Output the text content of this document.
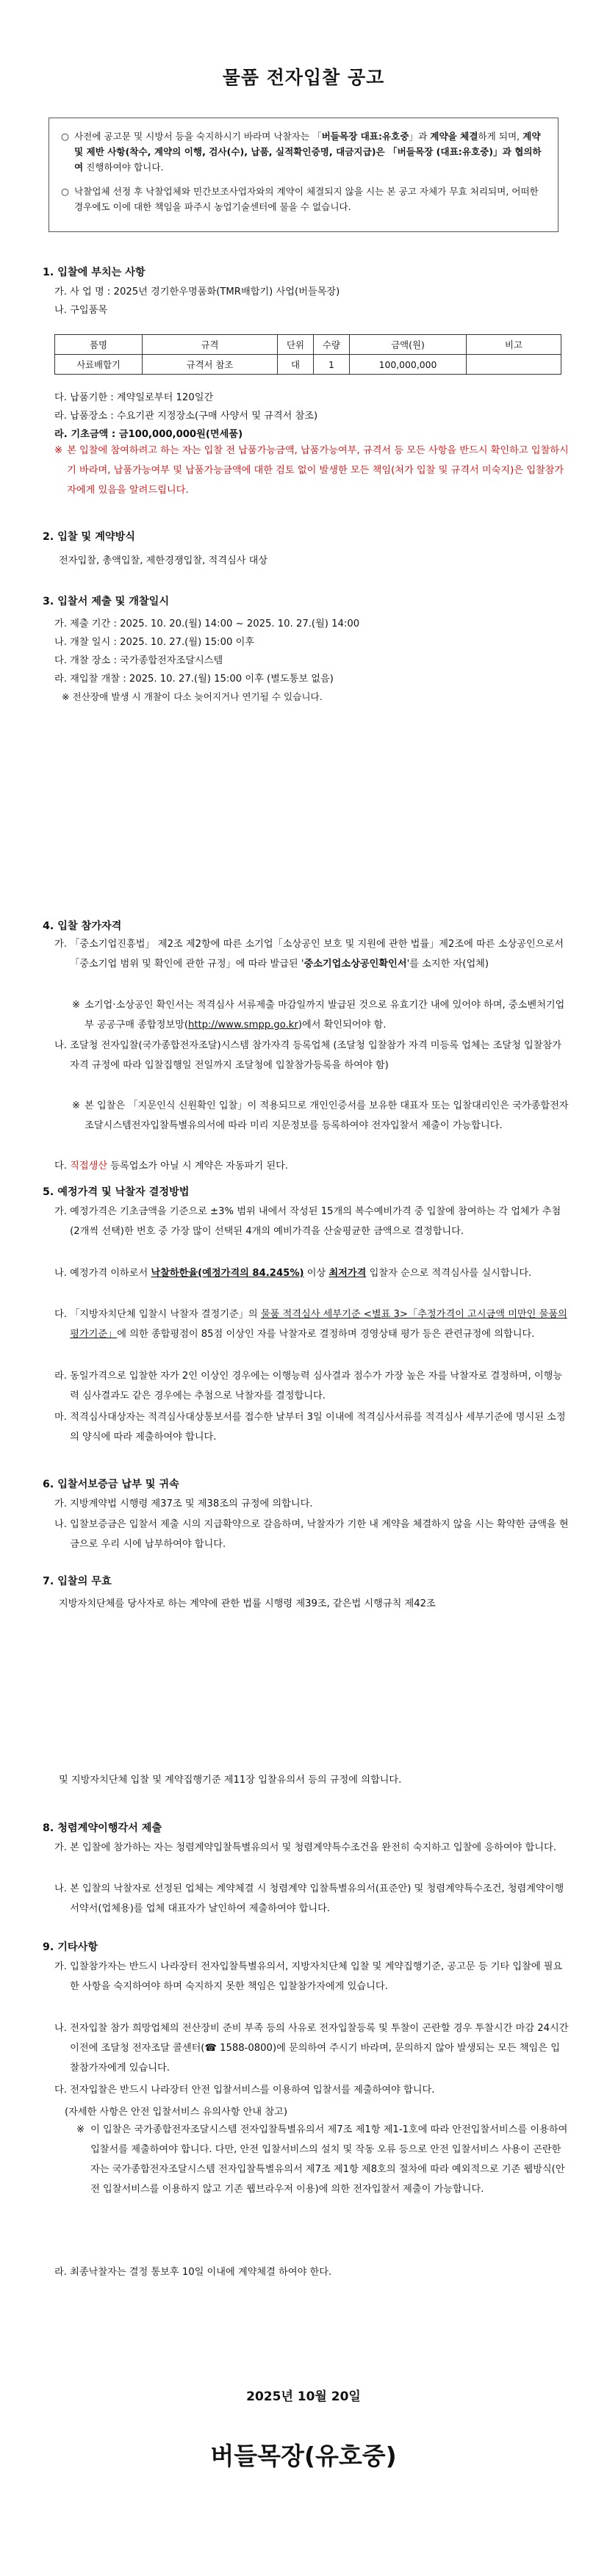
물품 전자입찰 공고
○ 사전에 공고문 및 시방서 등을 숙지하시기 바라며 낙찰자는 「버들목장 대표:유호중」과 계약을 체결하게 되며, 계약 및 제반 사항(착수, 계약의 이행, 검사(수), 납품, 실적확인증명, 대금지급)은 「버들목장 (대표:유호중)」과 협의하여 진행하여야 합니다.
○ 낙찰업체 선정 후 낙찰업체와 민간보조사업자와의 계약이 체결되지 않을 시는 본 공고 자체가 무효 처리되며, 어떠한 경우에도 이에 대한 책임을 파주시 농업기술센터에 물을 수 없습니다.
1. 입찰에 부치는 사항
가. 사 업 명 : 2025년 경기한우명품화(TMR배합기) 사업(버들목장)
나. 구입품목
품명	규격	단위	수량	금액(원)	비고
사료배합기	규격서 참조	대	1	100,000,000	
다. 납품기한 : 계약일로부터 120일간
라. 납품장소 : 수요기관 지정장소(구매 사양서 및 규격서 참조)
라. 기초금액 : 금100,000,000원(면세품)
※ 본 입찰에 참여하려고 하는 자는 입찰 전 납품가능금액, 납품가능여부, 규격서 등 모든 사항을 반드시 확인하고 입찰하시기 바라며, 납품가능여부 및 납품가능금액에 대한 검토 없이 발생한 모든 책임(처가 입찰 및 규격서 미숙지)은 입찰참가자에게 있음을 알려드립니다.
2. 입찰 및 계약방식
전자입찰, 총액입찰, 제한경쟁입찰, 적격심사 대상
3. 입찰서 제출 및 개찰일시
가. 제출 기간 : 2025. 10. 20.(월) 14:00 ~ 2025. 10. 27.(월) 14:00
나. 개찰 일시 : 2025. 10. 27.(월) 15:00 이후
다. 개찰 장소 : 국가종합전자조달시스템
라. 재입찰 개찰 : 2025. 10. 27.(월) 15:00 이후 (별도통보 없음)
※ 전산장애 발생 시 개찰이 다소 늦어지거나 연기될 수 있습니다.
4. 입찰 참가자격
가. 「중소기업진흥법」 제2조 제2항에 따른 소기업「소상공인 보호 및 지원에 관한 법률」제2조에 따른 소상공인으로서 「중소기업 범위 및 확인에 관한 규정」에 따라 발급된 '중소기업소상공인확인서'를 소지한 자(업체)
※ 소기업·소상공인 확인서는 적격심사 서류제출 마감일까지 발급된 것으로 유효기간 내에 있어야 하며, 중소벤처기업부 공공구매 종합정보망(http://www.smpp.go.kr)에서 확인되어야 함.
나. 조달청 전자입찰(국가종합전자조달)시스템 참가자격 등록업체 (조달청 입찰참가 자격 미등록 업체는 조달청 입찰참가자격 규정에 따라 입찰집행일 전일까지 조달청에 입찰참가등록을 하여야 함)
※ 본 입찰은 「지문인식 신원확인 입찰」이 적용되므로 개인인증서를 보유한 대표자 또는 입찰대리인은 국가종합전자조달시스템전자입찰특별유의서에 따라 미리 지문정보를 등록하여야 전자입찰서 제출이 가능합니다.
다. 직접생산 등록업소가 아닐 시 계약은 자동파기 된다.
5. 예정가격 및 낙찰자 결정방법
가. 예정가격은 기초금액을 기준으로 ±3% 범위 내에서 작성된 15개의 복수예비가격 중 입찰에 참여하는 각 업체가 추첨(2개씩 선택)한 번호 중 가장 많이 선택된 4개의 예비가격을 산술평균한 금액으로 결정합니다.
나. 예정가격 이하로서 낙찰하한율(예정가격의 84.245%) 이상 최저가격 입찰자 순으로 적격심사를 실시합니다.
다. 「지방자치단체 입찰시 낙찰자 결정기준」의 물품 적격심사 세부기준 <별표 3>「추정가격이 고시금액 미만인 물품의 평가기준」에 의한 종합평점이 85점 이상인 자를 낙찰자로 결정하며 경영상태 평가 등은 관련규정에 의합니다.
라. 동일가격으로 입찰한 자가 2인 이상인 경우에는 이행능력 심사결과 점수가 가장 높은 자를 낙찰자로 결정하며, 이행능력 심사결과도 같은 경우에는 추첨으로 낙찰자를 결정합니다.
마. 적격심사대상자는 적격심사대상통보서를 접수한 날부터 3일 이내에 적격심사서류를 적격심사 세부기준에 명시된 소정의 양식에 따라 제출하여야 합니다.
6. 입찰서보증금 납부 및 귀속
가. 지방계약법 시행령 제37조 및 제38조의 규정에 의합니다.
나. 입찰보증금은 입찰서 제출 시의 지급확약으로 갈음하며, 낙찰자가 기한 내 계약을 체결하지 않을 시는 확약한 금액을 현금으로 우리 시에 납부하여야 합니다.
7. 입찰의 무효
지방자치단체를 당사자로 하는 계약에 관한 법률 시행령 제39조, 같은법 시행규칙 제42조
및 지방자치단체 입찰 및 계약집행기준 제11장 입찰유의서 등의 규정에 의합니다.
8. 청렴계약이행각서 제출
가. 본 입찰에 참가하는 자는 청렴계약입찰특별유의서 및 청렴계약특수조건을 완전히 숙지하고 입찰에 응하여야 합니다.
나. 본 입찰의 낙찰자로 선정된 업체는 계약체결 시 청렴계약 입찰특별유의서(표준안) 및 청렴계약특수조건, 청렴계약이행서약서(업체용)를 업체 대표자가 날인하여 제출하여야 합니다.
9. 기타사항
가. 입찰참가자는 반드시 나라장터 전자입찰특별유의서, 지방자치단체 입찰 및 계약집행기준, 공고문 등 기타 입찰에 필요한 사항을 숙지하여야 하며 숙지하지 못한 책임은 입찰참가자에게 있습니다.
나. 전자입찰 참가 희망업체의 전산장비 준비 부족 등의 사유로 전자입찰등록 및 투찰이 곤란할 경우 투찰시간 마감 24시간 이전에 조달청 전자조달 콜센터(☎ 1588-0800)에 문의하여 주시기 바라며, 문의하지 않아 발생되는 모든 책임은 입찰참가자에게 있습니다.
다. 전자입찰은 반드시 나라장터 안전 입찰서비스를 이용하여 입찰서를 제출하여야 합니다.
(자세한 사항은 안전 입찰서비스 유의사항 안내 참고)
※ 이 입찰은 국가종합전자조달시스템 전자입찰특별유의서 제7조 제1항 제1-1호에 따라 안전입찰서비스를 이용하여 입찰서를 제출하여야 합니다. 다만, 안전 입찰서비스의 설치 및 작동 오류 등으로 안전 입찰서비스 사용이 곤란한 자는 국가종합전자조달시스템 전자입찰특별유의서 제7조 제1항 제8호의 절차에 따라 예외적으로 기존 웹방식(안전 입찰서비스를 이용하지 않고 기존 웹브라우저 이용)에 의한 전자입찰서 제출이 가능합니다.
라. 최종낙찰자는 결정 통보후 10일 이내에 계약체결 하여야 한다.
2025년 10월 20일
버들목장(유호중)
